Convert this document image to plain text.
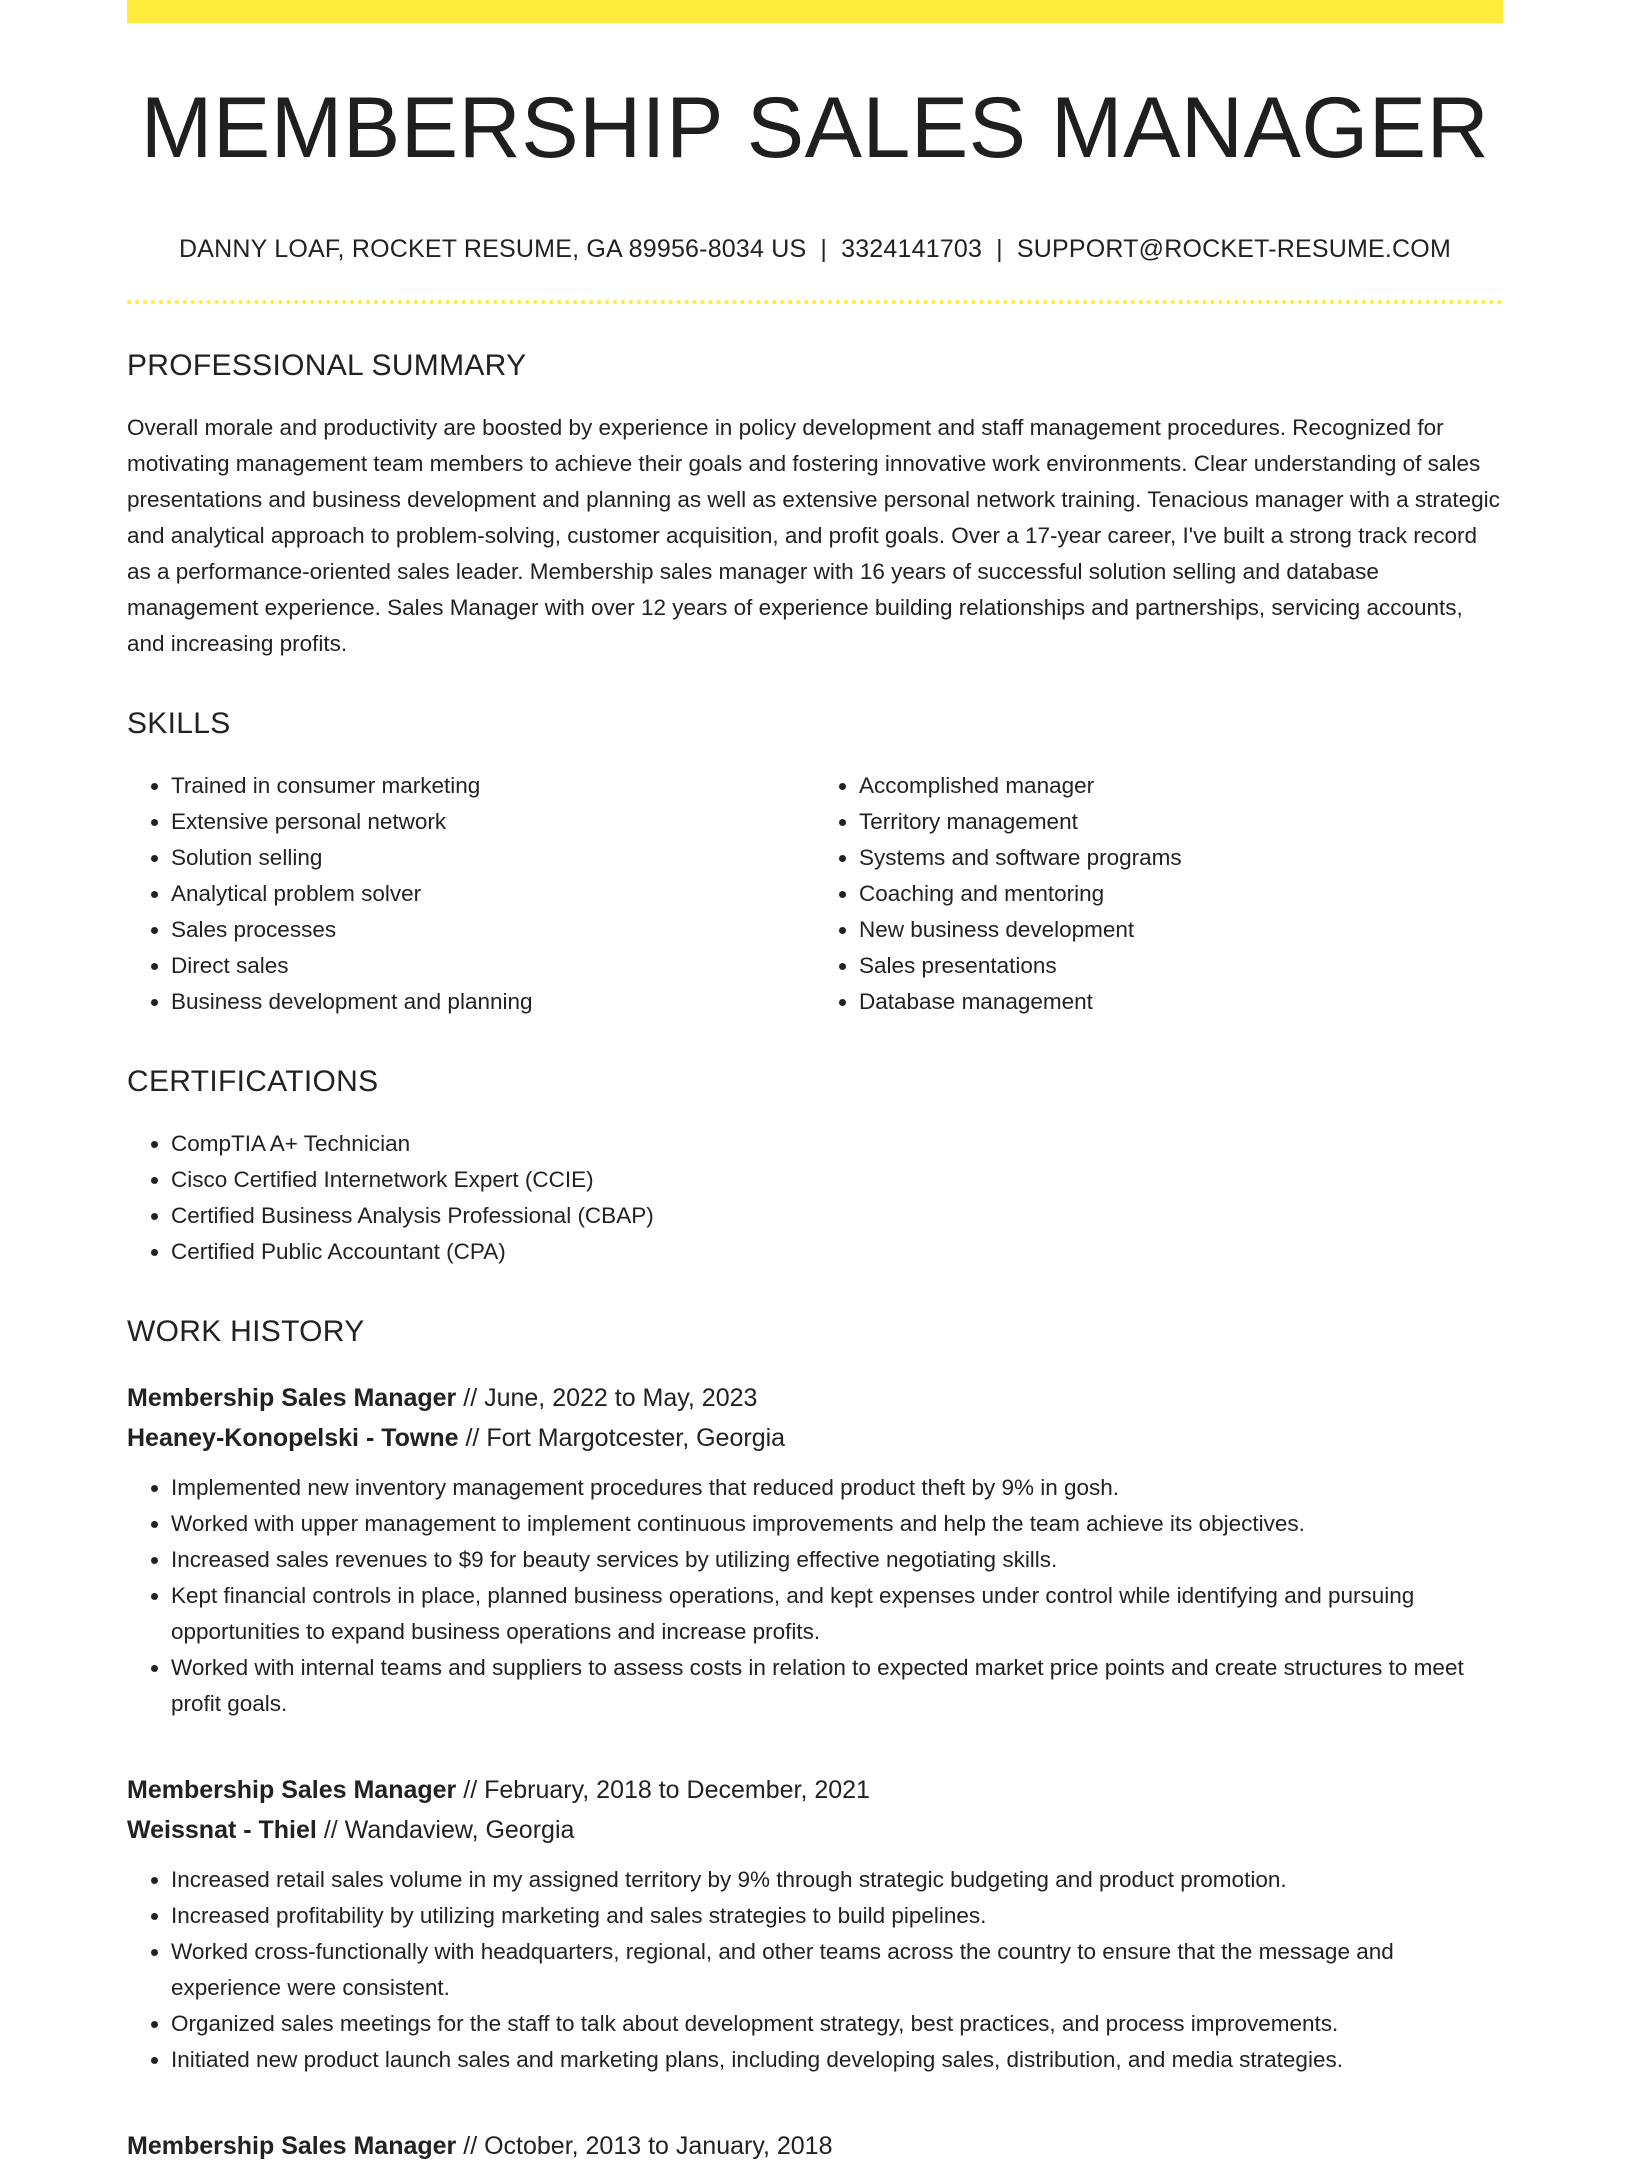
MEMBERSHIP SALES MANAGER
DANNY LOAF, ROCKET RESUME, GA 89956-8034 US | 3324141703 | SUPPORT@ROCKET-RESUME.COM
PROFESSIONAL SUMMARY

Overall morale and productivity are boosted by experience in policy development and staff management procedures. Recognized for motivating management team members to achieve their goals and fostering innovative work environments. Clear understanding of sales presentations and business development and planning as well as extensive personal network training. Tenacious manager with a strategic and analytical approach to problem-solving, customer acquisition, and profit goals. Over a 17-year career, I've built a strong track record as a performance-oriented sales leader. Membership sales manager with 16 years of successful solution selling and database management experience. Sales Manager with over 12 years of experience building relationships and partnerships, servicing accounts, and increasing profits.

SKILLS
• Trained in consumer marketing
• Extensive personal network
• Solution selling
• Analytical problem solver
• Sales processes
• Direct sales
• Business development and planning
• Accomplished manager
• Territory management
• Systems and software programs
• Coaching and mentoring
• New business development
• Sales presentations
• Database management
CERTIFICATIONS
• CompTIA A+ Technician
• Cisco Certified Internetwork Expert (CCIE)
• Certified Business Analysis Professional (CBAP)
• Certified Public Accountant (CPA)
WORK HISTORY
Membership Sales Manager // June, 2022 to May, 2023
Heaney-Konopelski - Towne // Fort Margotcester, Georgia
• Implemented new inventory management procedures that reduced product theft by 9% in gosh.
• Worked with upper management to implement continuous improvements and help the team achieve its objectives.
• Increased sales revenues to $9 for beauty services by utilizing effective negotiating skills.
• Kept financial controls in place, planned business operations, and kept expenses under control while identifying and pursuing opportunities to expand business operations and increase profits.
• Worked with internal teams and suppliers to assess costs in relation to expected market price points and create structures to meet profit goals.
Membership Sales Manager // February, 2018 to December, 2021
Weissnat - Thiel // Wandaview, Georgia
• Increased retail sales volume in my assigned territory by 9% through strategic budgeting and product promotion.
• Increased profitability by utilizing marketing and sales strategies to build pipelines.
• Worked cross-functionally with headquarters, regional, and other teams across the country to ensure that the message and experience were consistent.
• Organized sales meetings for the staff to talk about development strategy, best practices, and process improvements.
• Initiated new product launch sales and marketing plans, including developing sales, distribution, and media strategies.
Membership Sales Manager // October, 2013 to January, 2018
